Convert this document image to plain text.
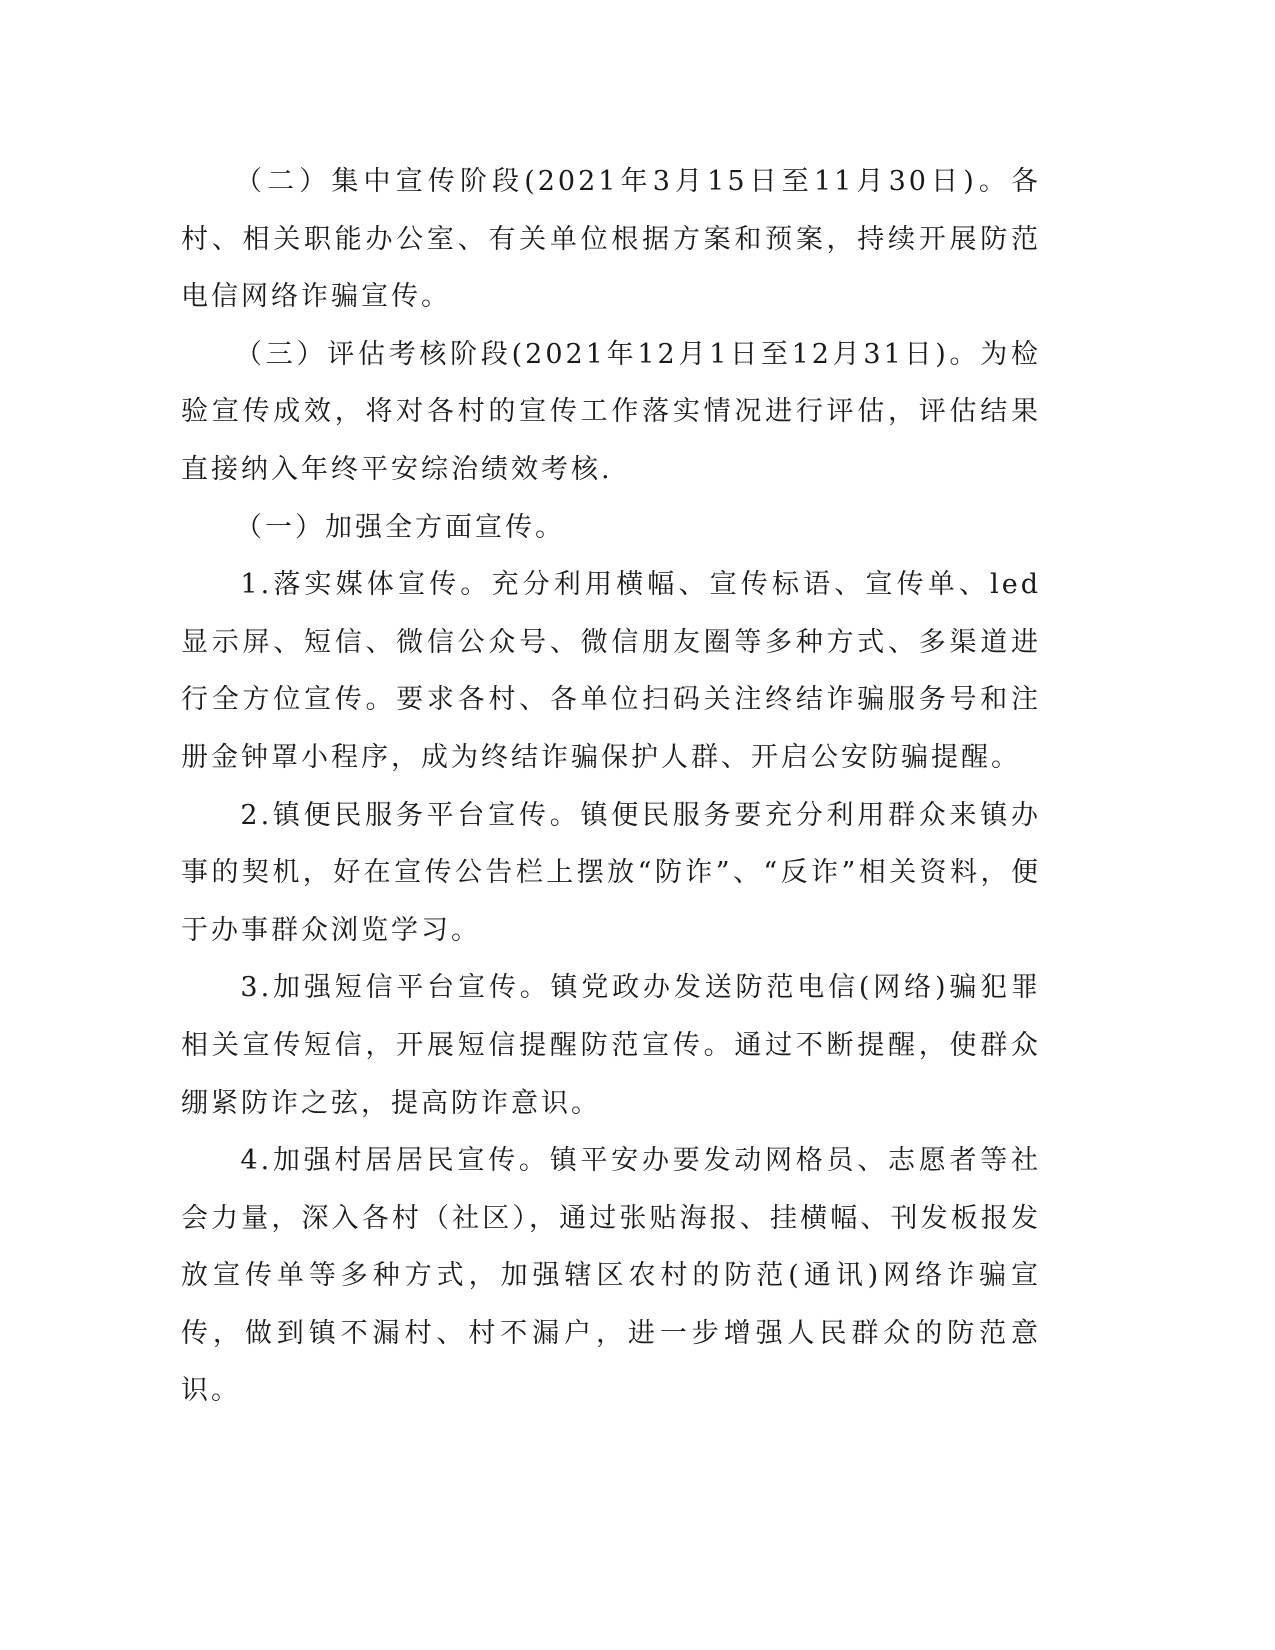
（二）集中宣传阶段(2021年3月15日至11月30日)。各村、相关职能办公室、有关单位根据方案和预案，持续开展防范电信网络诈骗宣传。

（三）评估考核阶段(2021年12月1日至12月31日)。为检验宣传成效，将对各村的宣传工作落实情况进行评估，评估结果直接纳入年终平安综治绩效考核.

（一）加强全方面宣传。

1.落实媒体宣传。充分利用横幅、宣传标语、宣传单、led显示屏、短信、微信公众号、微信朋友圈等多种方式、多渠道进行全方位宣传。要求各村、各单位扫码关注终结诈骗服务号和注册金钟罩小程序，成为终结诈骗保护人群、开启公安防骗提醒。

2.镇便民服务平台宣传。镇便民服务要充分利用群众来镇办事的契机，好在宣传公告栏上摆放“防诈”、“反诈”相关资料，便于办事群众浏览学习。

3.加强短信平台宣传。镇党政办发送防范电信(网络)骗犯罪相关宣传短信，开展短信提醒防范宣传。通过不断提醒，使群众绷紧防诈之弦，提高防诈意识。

4.加强村居居民宣传。镇平安办要发动网格员、志愿者等社会力量，深入各村（社区），通过张贴海报、挂横幅、刊发板报发放宣传单等多种方式，加强辖区农村的防范(通讯)网络诈骗宣传，做到镇不漏村、村不漏户，进一步增强人民群众的防范意识。
